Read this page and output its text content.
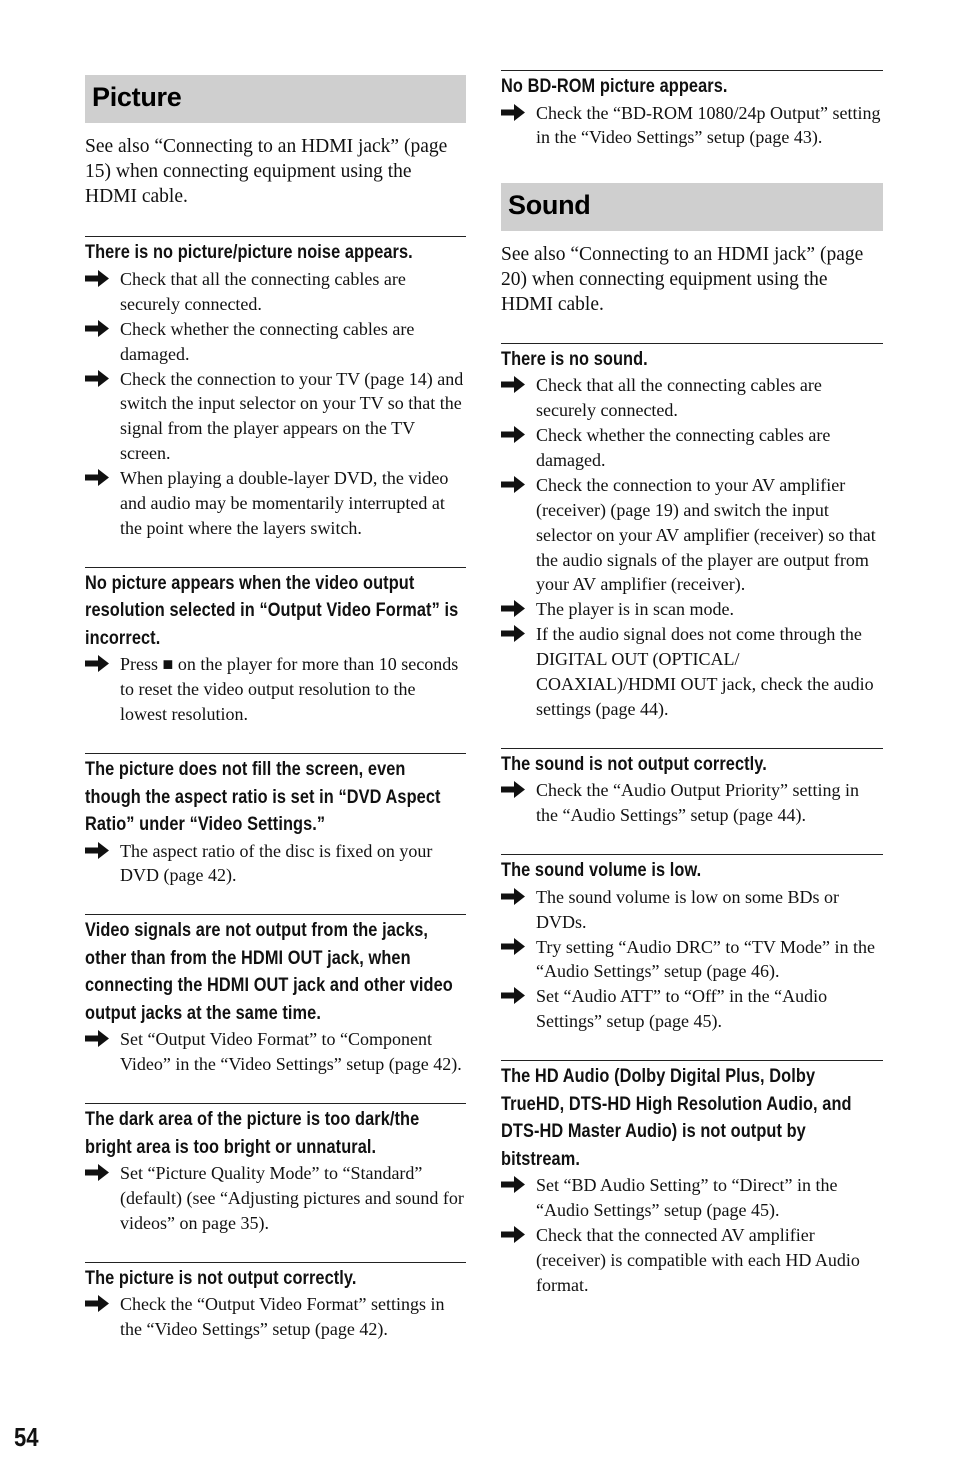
Picture

See also “Connecting to an HDMI jack” (page 15) when connecting equipment using the HDMI cable.

There is no picture/picture noise appears.
Check that all the connecting cables are securely connected.
Check whether the connecting cables are damaged.
Check the connection to your TV (page 14) and switch the input selector on your TV so that the signal from the player appears on the TV screen.
When playing a double-layer DVD, the video and audio may be momentarily interrupted at the point where the layers switch.
No picture appears when the video output resolution selected in “Output Video Format” is incorrect.
Press ■ on the player for more than 10 seconds to reset the video output resolution to the lowest resolution.
The picture does not fill the screen, even though the aspect ratio is set in “DVD Aspect Ratio” under “Video Settings.”
The aspect ratio of the disc is fixed on your DVD (page 42).
Video signals are not output from the jacks, other than from the HDMI OUT jack, when connecting the HDMI OUT jack and other video output jacks at the same time.
Set “Output Video Format” to “Component Video” in the “Video Settings” setup (page 42).
The dark area of the picture is too dark/the bright area is too bright or unnatural.
Set “Picture Quality Mode” to “Standard” (default) (see “Adjusting pictures and sound for videos” on page 35).
The picture is not output correctly.
Check the “Output Video Format” settings in the “Video Settings” setup (page 42).
No BD-ROM picture appears.
Check the “BD-ROM 1080/24p Output” setting in the “Video Settings” setup (page 43).
Sound

See also “Connecting to an HDMI jack” (page 20) when connecting equipment using the HDMI cable.

There is no sound.
Check that all the connecting cables are securely connected.
Check whether the connecting cables are damaged.
Check the connection to your AV amplifier (receiver) (page 19) and switch the input selector on your AV amplifier (receiver) so that the audio signals of the player are output from your AV amplifier (receiver).
The player is in scan mode.
If the audio signal does not come through the DIGITAL OUT (OPTICAL/ COAXIAL)/HDMI OUT jack, check the audio settings (page 44).
The sound is not output correctly.
Check the “Audio Output Priority” setting in the “Audio Settings” setup (page 44).
The sound volume is low.
The sound volume is low on some BDs or DVDs.
Try setting “Audio DRC” to “TV Mode” in the “Audio Settings” setup (page 46).
Set “Audio ATT” to “Off” in the “Audio Settings” setup (page 45).
The HD Audio (Dolby Digital Plus, Dolby TrueHD, DTS-HD High Resolution Audio, and DTS-HD Master Audio) is not output by bitstream.
Set “BD Audio Setting” to “Direct” in the “Audio Settings” setup (page 45).
Check that the connected AV amplifier (receiver) is compatible with each HD Audio format.
54
